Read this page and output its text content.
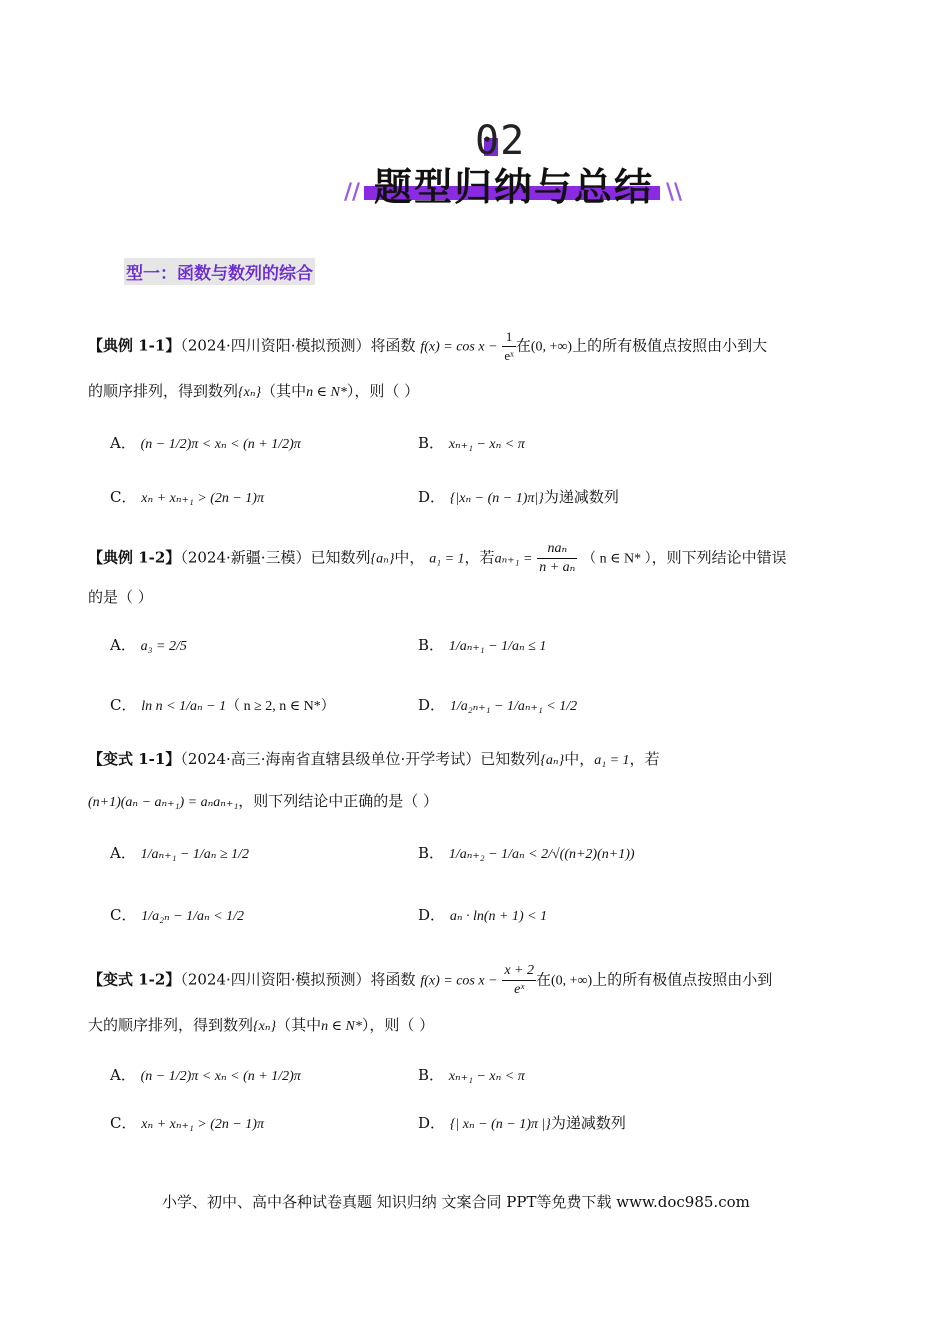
02
题型归纳与总结
//	\\
型一：函数与数列的综合
【典例 1-1】（2024·四川资阳·模拟预测）将函数 $f(x) = \cos x - \frac{1}{\text{eˣ}}$ 在(0, +∞)上的所有极值点按照由小到大
的顺序排列，得到数列{xₙ}（其中n ∈ N*），则（ ）
A． (n − 1/2)π < xₙ < (n + 1/2)π	B． xₙ₊₁ − xₙ < π
C． xₙ + xₙ₊₁ > (2n − 1)π	D． {|xₙ − (n − 1)π|}为递减数列
【典例 1-2】（2024·新疆·三模）已知数列{aₙ}中， a₁ = 1，若$a_{n+1} = \frac{\text{naₙ}}{\text{n + aₙ}}$ （ n ∈ N* ），则下列结论中错误
的是（ ）
A． a₃ = 2/5	B． 1/aₙ₊₁ − 1/aₙ ≤ 1
C． ln n < 1/aₙ − 1（ n ≥ 2, n ∈ N*）	D． 1/a₂ₙ₊₁ − 1/aₙ₊₁ < 1/2
【变式 1-1】（2024·高三·海南省直辖县级单位·开学考试）已知数列{aₙ}中，a₁ = 1，若
(n+1)(aₙ − aₙ₊₁) = aₙaₙ₊₁，则下列结论中正确的是（ ）
A． 1/aₙ₊₁ − 1/aₙ ≥ 1/2	B． 1/aₙ₊₂ − 1/aₙ < 2/√((n+2)(n+1))
C． 1/a₂ₙ − 1/aₙ < 1/2	D． aₙ · ln(n + 1) < 1
【变式 1-2】（2024·四川资阳·模拟预测）将函数 $f(x) = \cos x - \frac{x + 2}{\text{eˣ}}$ 在(0, +∞)上的所有极值点按照由小到
大的顺序排列，得到数列{xₙ}（其中n ∈ N*），则（ ）
A． (n − 1/2)π < xₙ < (n + 1/2)π	B． xₙ₊₁ − xₙ < π
C． xₙ + xₙ₊₁ > (2n − 1)π	D． {| xₙ − (n − 1)π |}为递减数列
小学、初中、高中各种试卷真题 知识归纳 文案合同 PPT等免费下载 www.doc985.com
